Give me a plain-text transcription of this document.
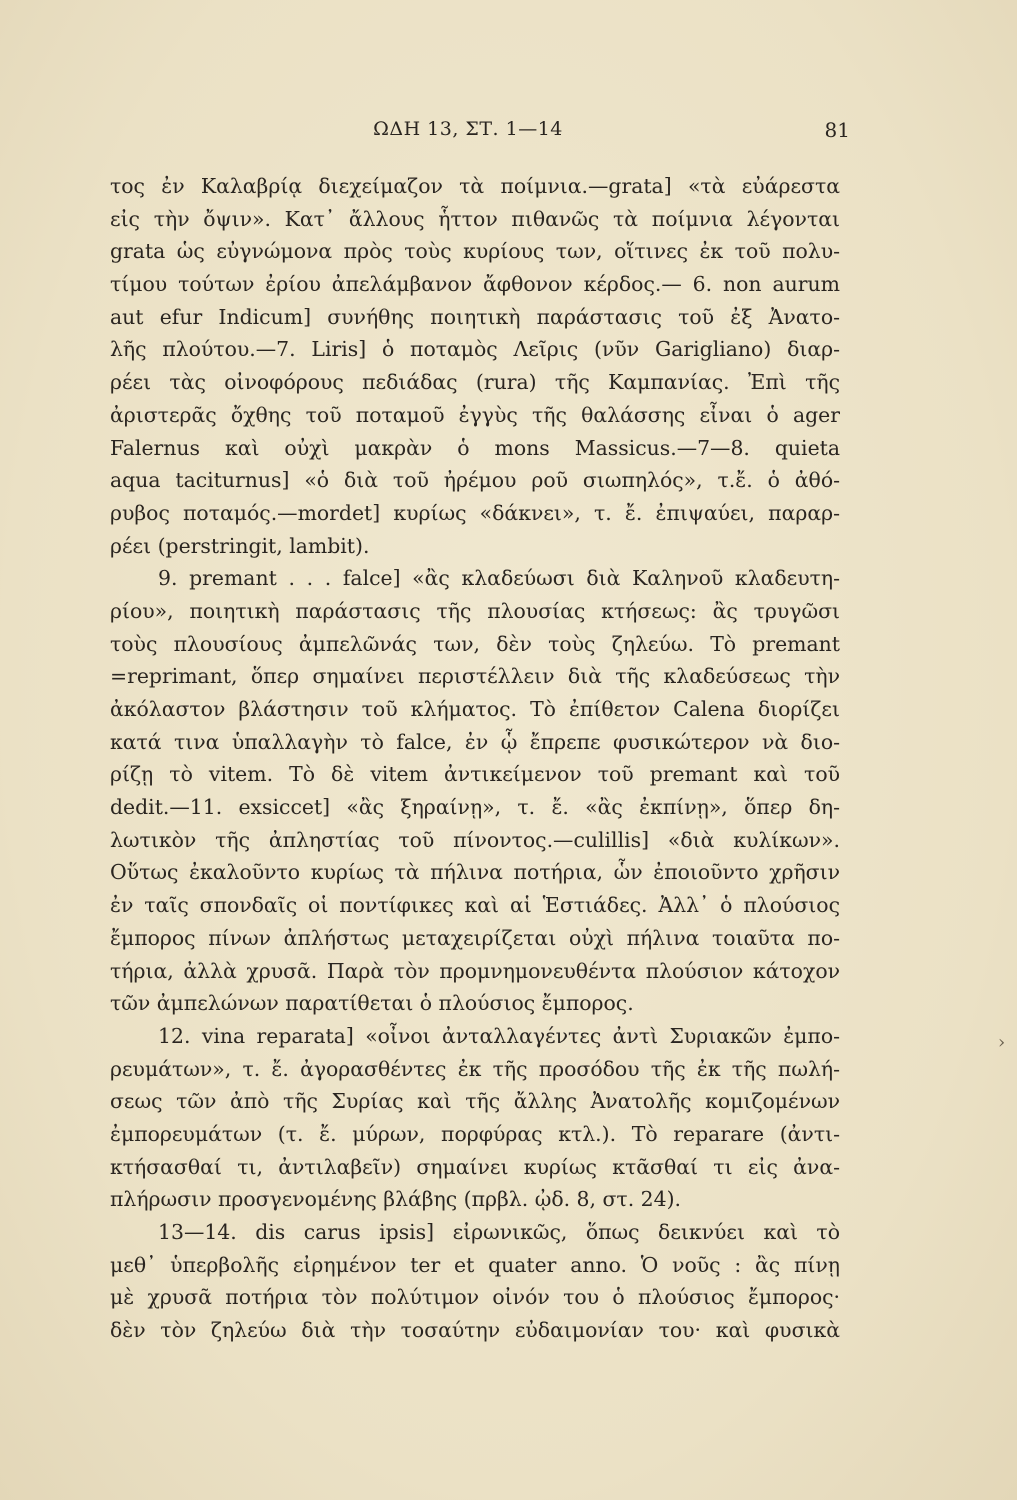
ΩΔΗ 13, ΣΤ. 1—14	81
τος ἐν Καλαβρίᾳ διεχείμαζον τὰ ποίμνια.—grata] «τὰ εὐάρεστα
εἰς τὴν ὄψιν». Κατ᾽ ἄλλους ἧττον πιθανῶς τὰ ποίμνια λέγονται
grata ὡς εὐγνώμονα πρὸς τοὺς κυρίους των, οἵτινες ἐκ τοῦ πολυ-
τίμου τούτων ἐρίου ἀπελάμβανον ἄφθονον κέρδος.— 6. non aurum
aut efur Indicum] συνήθης ποιητικὴ παράστασις τοῦ ἐξ Ἀνατο-
λῆς πλούτου.—7. Liris] ὁ ποταμὸς Λεῖρις (νῦν Garigliano) διαρ-
ρέει τὰς οἰνοφόρους πεδιάδας (rura) τῆς Καμπανίας. Ἐπὶ τῆς
ἀριστερᾶς ὄχθης τοῦ ποταμοῦ ἐγγὺς τῆς θαλάσσης εἶναι ὁ ager
Falernus καὶ οὐχὶ μακρὰν ὁ mons Massicus.—7—8. quieta
aqua taciturnus] «ὁ διὰ τοῦ ἠρέμου ροῦ σιωπηλός», τ.ἔ. ὁ ἀθό-
ρυβος ποταμός.—mordet] κυρίως «δάκνει», τ. ἔ. ἐπιψαύει, παραρ-
ρέει (perstringit, lambit).
9. premant . . . falce] «ἂς κλαδεύωσι διὰ Καληνοῦ κλαδευτη-
ρίου», ποιητικὴ παράστασις τῆς πλουσίας κτήσεως: ἂς τρυγῶσι
τοὺς πλουσίους ἀμπελῶνάς των, δὲν τοὺς ζηλεύω. Τὸ premant
=reprimant, ὅπερ σημαίνει περιστέλλειν διὰ τῆς κλαδεύσεως τὴν
ἀκόλαστον βλάστησιν τοῦ κλήματος. Τὸ ἐπίθετον Calena διορίζει
κατά τινα ὑπαλλαγὴν τὸ falce, ἐν ᾧ ἔπρεπε φυσικώτερον νὰ διο-
ρίζῃ τὸ vitem. Τὸ δὲ vitem ἀντικείμενον τοῦ premant καὶ τοῦ
dedit.—11. exsiccet] «ἂς ξηραίνῃ», τ. ἔ. «ἂς ἐκπίνῃ», ὅπερ δη-
λωτικὸν τῆς ἀπληστίας τοῦ πίνοντος.—culillis] «διὰ κυλίκων».
Οὕτως ἐκαλοῦντο κυρίως τὰ πήλινα ποτήρια, ὧν ἐποιοῦντο χρῆσιν
ἐν ταῖς σπονδαῖς οἱ ποντίφικες καὶ αἱ Ἑστιάδες. Ἀλλ᾽ ὁ πλούσιος
ἔμπορος πίνων ἀπλήστως μεταχειρίζεται οὐχὶ πήλινα τοιαῦτα πο-
τήρια, ἀλλὰ χρυσᾶ. Παρὰ τὸν προμνημονευθέντα πλούσιον κάτοχον
τῶν ἀμπελώνων παρατίθεται ὁ πλούσιος ἔμπορος.
12. vina reparata] «οἶνοι ἀνταλλαγέντες ἀντὶ Συριακῶν ἐμπο-
ρευμάτων», τ. ἔ. ἀγορασθέντες ἐκ τῆς προσόδου τῆς ἐκ τῆς πωλή-
σεως τῶν ἀπὸ τῆς Συρίας καὶ τῆς ἄλλης Ἀνατολῆς κομιζομένων
ἐμπορευμάτων (τ. ἔ. μύρων, πορφύρας κτλ.). Τὸ reparare (ἀντι-
κτήσασθαί τι, ἀντιλαβεῖν) σημαίνει κυρίως κτᾶσθαί τι εἰς ἀνα-
πλήρωσιν προσγενομένης βλάβης (πρβλ. ᾠδ. 8, στ. 24).
13—14. dis carus ipsis] εἰρωνικῶς, ὅπως δεικνύει καὶ τὸ
μεθ᾽ ὑπερβολῆς εἰρημένον ter et quater anno. Ὁ νοῦς : ἂς πίνῃ
μὲ χρυσᾶ ποτήρια τὸν πολύτιμον οἰνόν του ὁ πλούσιος ἔμπορος·
δὲν τὸν ζηλεύω διὰ τὴν τοσαύτην εὐδαιμονίαν του· καὶ φυσικὰ
›
